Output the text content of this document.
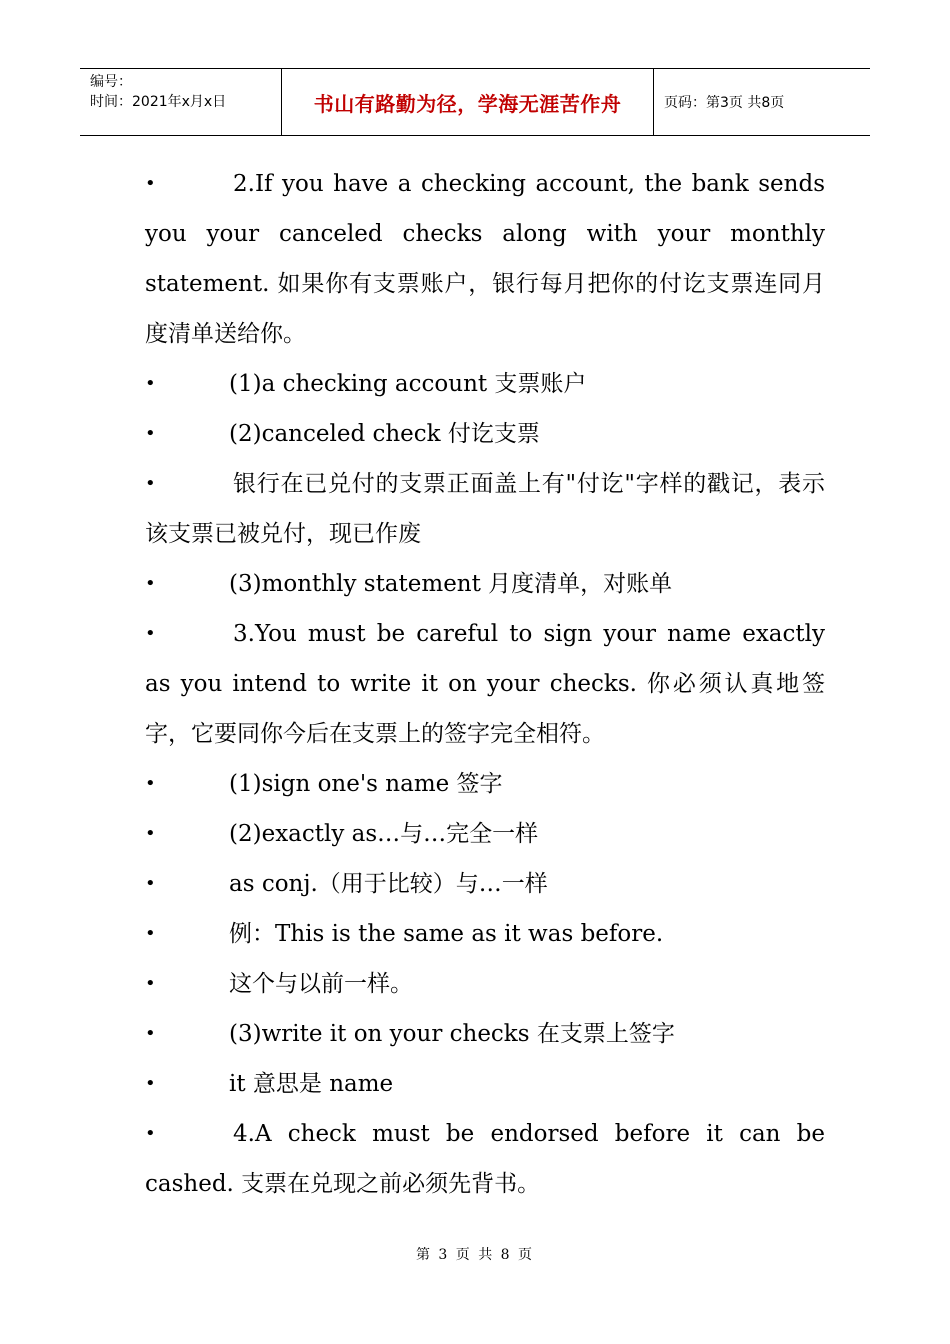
编号：
时间：2021年x月x日	书山有路勤为径，学海无涯苦作舟	页码：第3页 共8页
•	2.If you have a checking account, the bank sends you your canceled checks along with your monthly statement. 如果你有支票账户，银行每月把你的付讫支票连同月度清单送给你。
•	(1)a checking account 支票账户
•	(2)canceled check 付讫支票
•	银行在已兑付的支票正面盖上有"付讫"字样的戳记，表示该支票已被兑付，现已作废
•	(3)monthly statement 月度清单，对账单
•	3.You must be careful to sign your name exactly as you intend to write it on your checks. 你必须认真地签字，它要同你今后在支票上的签字完全相符。
•	(1)sign one's name 签字
•	(2)exactly as…与…完全一样
•	as conj.（用于比较）与…一样
•	例：This is the same as it was before.
•	这个与以前一样。
•	(3)write it on your checks 在支票上签字
•	it 意思是 name
•	4.A check must be endorsed before it can be cashed. 支票在兑现之前必须先背书。
第 3 页 共 8 页
